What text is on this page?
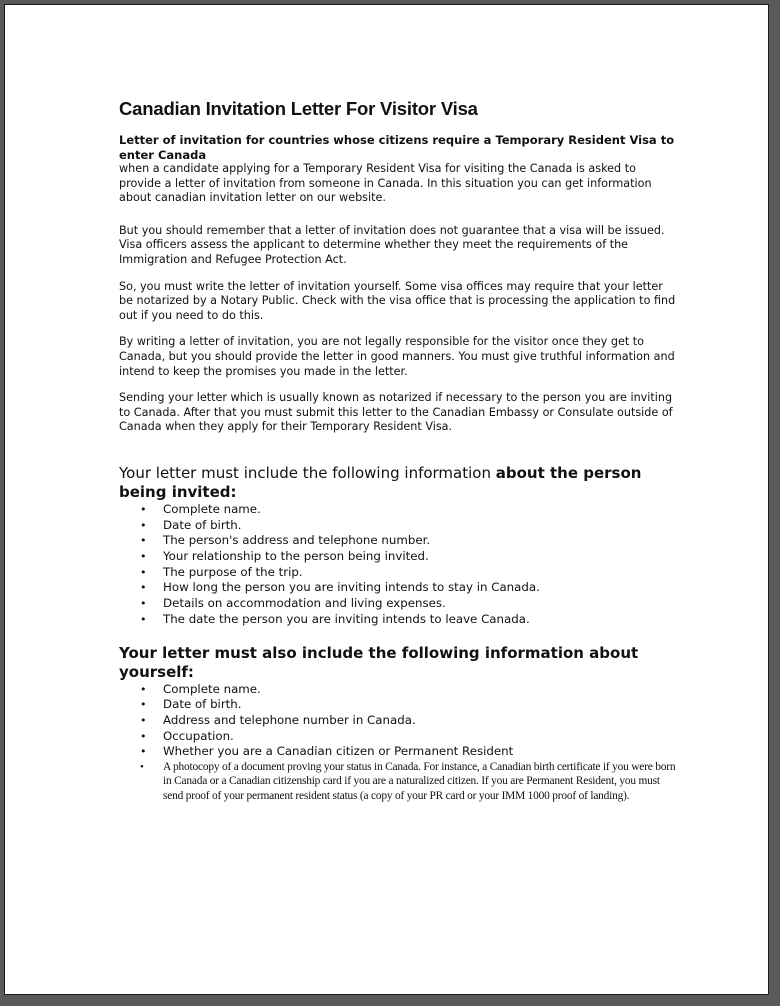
Canadian Invitation Letter For Visitor Visa
Letter of invitation for countries whose citizens require a Temporary Resident Visa to enter Canada

when a candidate applying for a Temporary Resident Visa for visiting the Canada is asked to provide a letter of invitation from someone in Canada. In this situation you can get information about canadian invitation letter on our website.

But you should remember that a letter of invitation does not guarantee that a visa will be issued. Visa officers assess the applicant to determine whether they meet the requirements of the Immigration and Refugee Protection Act.

So, you must write the letter of invitation yourself. Some visa offices may require that your letter be notarized by a Notary Public. Check with the visa office that is processing the application to find out if you need to do this.

By writing a letter of invitation, you are not legally responsible for the visitor once they get to Canada, but you should provide the letter in good manners. You must give truthful information and intend to keep the promises you made in the letter.

Sending your letter which is usually known as notarized if necessary to the person you are inviting to Canada. After that you must submit this letter to the Canadian Embassy or Consulate outside of Canada when they apply for their Temporary Resident Visa.

Your letter must include the following information about the person being invited:
• Complete name.
• Date of birth.
• The person's address and telephone number.
• Your relationship to the person being invited.
• The purpose of the trip.
• How long the person you are inviting intends to stay in Canada.
• Details on accommodation and living expenses.
• The date the person you are inviting intends to leave Canada.
Your letter must also include the following information about yourself:
• Complete name.
• Date of birth.
• Address and telephone number in Canada.
• Occupation.
• Whether you are a Canadian citizen or Permanent Resident
• A photocopy of a document proving your status in Canada. For instance, a Canadian birth certificate if you were born in Canada or a Canadian citizenship card if you are a naturalized citizen. If you are Permanent Resident, you must send proof of your permanent resident status (a copy of your PR card or your IMM 1000 proof of landing).
